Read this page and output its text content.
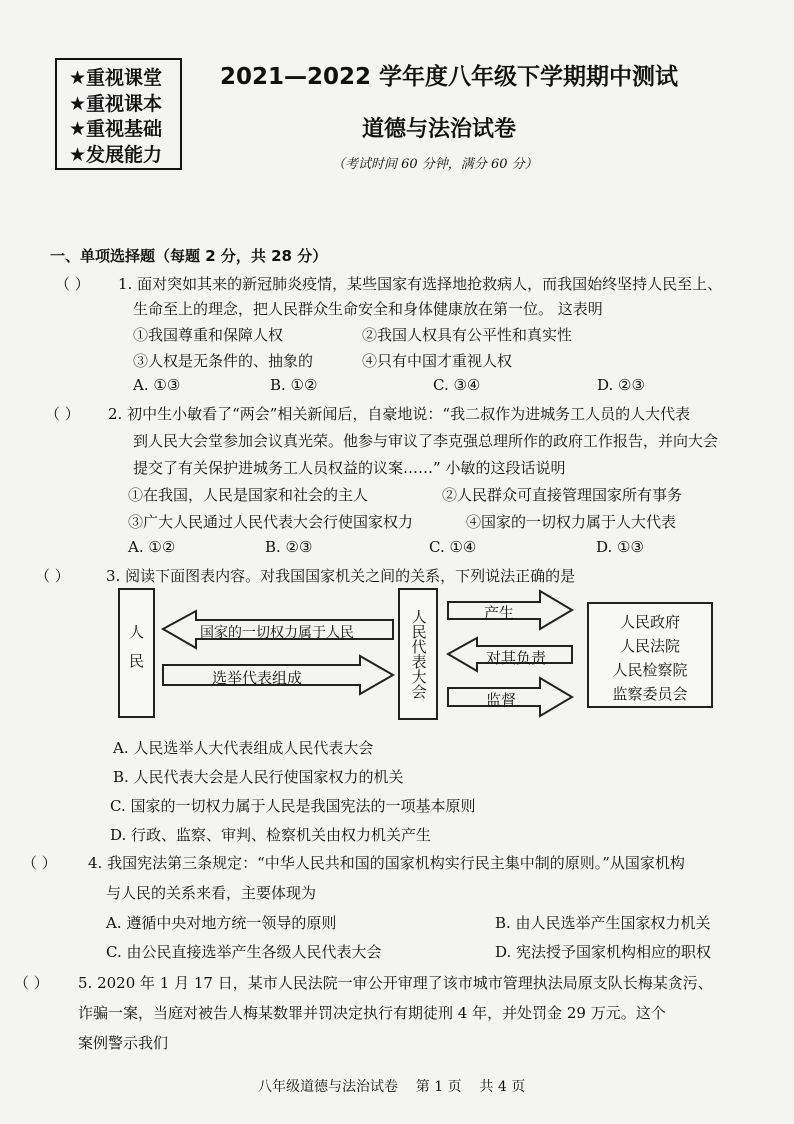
★重视课堂
★重视课本
★重视基础
★发展能力
2021—2022 学年度八年级下学期期中测试
道德与法治试卷
（考试时间 60 分钟，满分 60 分）
一、单项选择题（每题 2 分，共 28 分）
（ ） 1. 面对突如其来的新冠肺炎疫情，某些国家有选择地抢救病人，而我国始终坚持人民至上、
生命至上的理念，把人民群众生命安全和身体健康放在第一位。 这表明
①我国尊重和保障人权	②我国人权具有公平性和真实性
③人权是无条件的、抽象的	④只有中国才重视人权
A. ①③	B. ①②	C. ③④	D. ②③
（ ） 2. 初中生小敏看了“两会”相关新闻后，自豪地说：“我二叔作为进城务工人员的人大代表
到人民大会堂参加会议真光荣。他参与审议了李克强总理所作的政府工作报告，并向大会
提交了有关保护进城务工人员权益的议案……” 小敏的这段话说明
①在我国，人民是国家和社会的主人	②人民群众可直接管理国家所有事务
③广大人民通过人民代表大会行使国家权力	④国家的一切权力属于人大代表
A. ①②	B. ②③	C. ①④	D. ①③
（ ） 3. 阅读下面图表内容。对我国国家机关之间的关系，下列说法正确的是
人民	人民代表大会	人民政府
人民法院
人民检察院
监察委员会
国家的一切权力属于人民
选举代表组成
产生
对其负责
监督
A. 人民选举人大代表组成人民代表大会
B. 人民代表大会是人民行使国家权力的机关
C. 国家的一切权力属于人民是我国宪法的一项基本原则
D. 行政、监察、审判、检察机关由权力机关产生
（ ） 4. 我国宪法第三条规定：“中华人民共和国的国家机构实行民主集中制的原则。”从国家机构
与人民的关系来看，主要体现为
A. 遵循中央对地方统一领导的原则	B. 由人民选举产生国家权力机关
C. 由公民直接选举产生各级人民代表大会	D. 宪法授予国家机构相应的职权
（ ） 5. 2020 年 1 月 17 日，某市人民法院一审公开审理了该市城市管理执法局原支队长梅某贪污、
诈骗一案，当庭对被告人梅某数罪并罚决定执行有期徒刑 4 年，并处罚金 29 万元。这个
案例警示我们
八年级道德与法治试卷    第 1 页    共 4 页
